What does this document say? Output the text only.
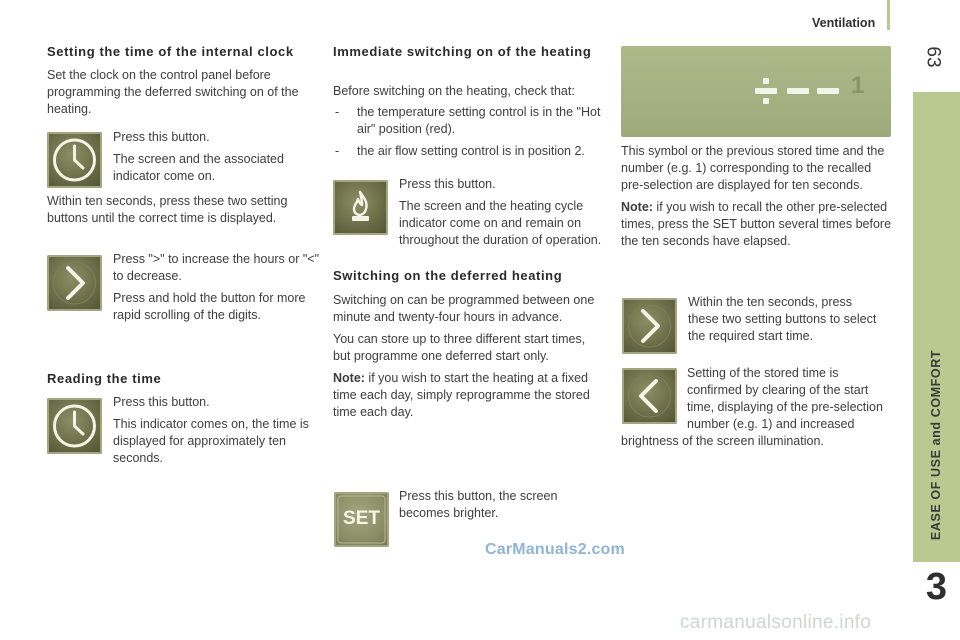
Ventilation
63
EASE OF USE and COMFORT
3
Setting the time of the internal clock
Set the clock on the control panel before programming the deferred switching on of the heating.

Press this button.

The screen and the associated indicator come on.

Within ten seconds, press these two setting buttons until the correct time is displayed.

Press ">" to increase the hours or "<" to decrease.

Press and hold the button for more rapid scrolling of the digits.

Reading the time

Press this button.

This indicator comes on, the time is displayed for approximately ten seconds.

Immediate switching on of the heating
Before switching on the heating, check that:
- the temperature setting control is in the "Hot air" position (red).
- the air flow setting control is in position 2.

Press this button.

The screen and the heating cycle indicator come on and remain on throughout the duration of operation.

Switching on the deferred heating

Switching on can be programmed between one minute and twenty-four hours in advance.

You can store up to three different start times, but programme one deferred start only.

Note: if you wish to start the heating at a fixed time each day, simply reprogramme the stored time each day.

SET
Press this button, the screen becomes brighter.
1

This symbol or the previous stored time and the number (e.g. 1) corresponding to the recalled pre-selection are displayed for ten seconds.

Note: if you wish to recall the other pre-selected times, press the SET button several times before the ten seconds have elapsed.

Within the ten seconds, press these two setting buttons to select the required start time.
Setting of the stored time is confirmed by clearing of the start time, displaying of the pre-selection number (e.g. 1) and increased brightness of the screen illumination.
CarManuals2.com
carmanualsonline.info
